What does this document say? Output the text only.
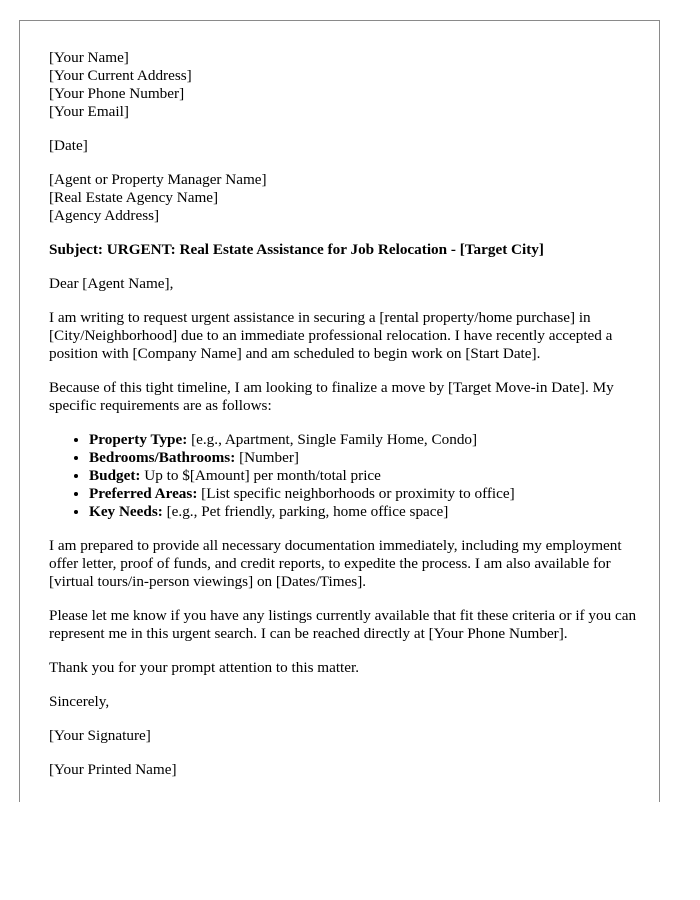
[Your Name]
[Your Current Address]
[Your Phone Number]
[Your Email]

[Date]

[Agent or Property Manager Name]
[Real Estate Agency Name]
[Agency Address]

Subject: URGENT: Real Estate Assistance for Job Relocation - [Target City]

Dear [Agent Name],

I am writing to request urgent assistance in securing a [rental property/home purchase] in [City/Neighborhood] due to an immediate professional relocation. I have recently accepted a position with [Company Name] and am scheduled to begin work on [Start Date].

Because of this tight timeline, I am looking to finalize a move by [Target Move-in Date]. My specific requirements are as follows:

• Property Type: [e.g., Apartment, Single Family Home, Condo]
• Bedrooms/Bathrooms: [Number]
• Budget: Up to $[Amount] per month/total price
• Preferred Areas: [List specific neighborhoods or proximity to office]
• Key Needs: [e.g., Pet friendly, parking, home office space]

I am prepared to provide all necessary documentation immediately, including my employment offer letter, proof of funds, and credit reports, to expedite the process. I am also available for [virtual tours/in-person viewings] on [Dates/Times].

Please let me know if you have any listings currently available that fit these criteria or if you can represent me in this urgent search. I can be reached directly at [Your Phone Number].

Thank you for your prompt attention to this matter.

Sincerely,

[Your Signature]

[Your Printed Name]
